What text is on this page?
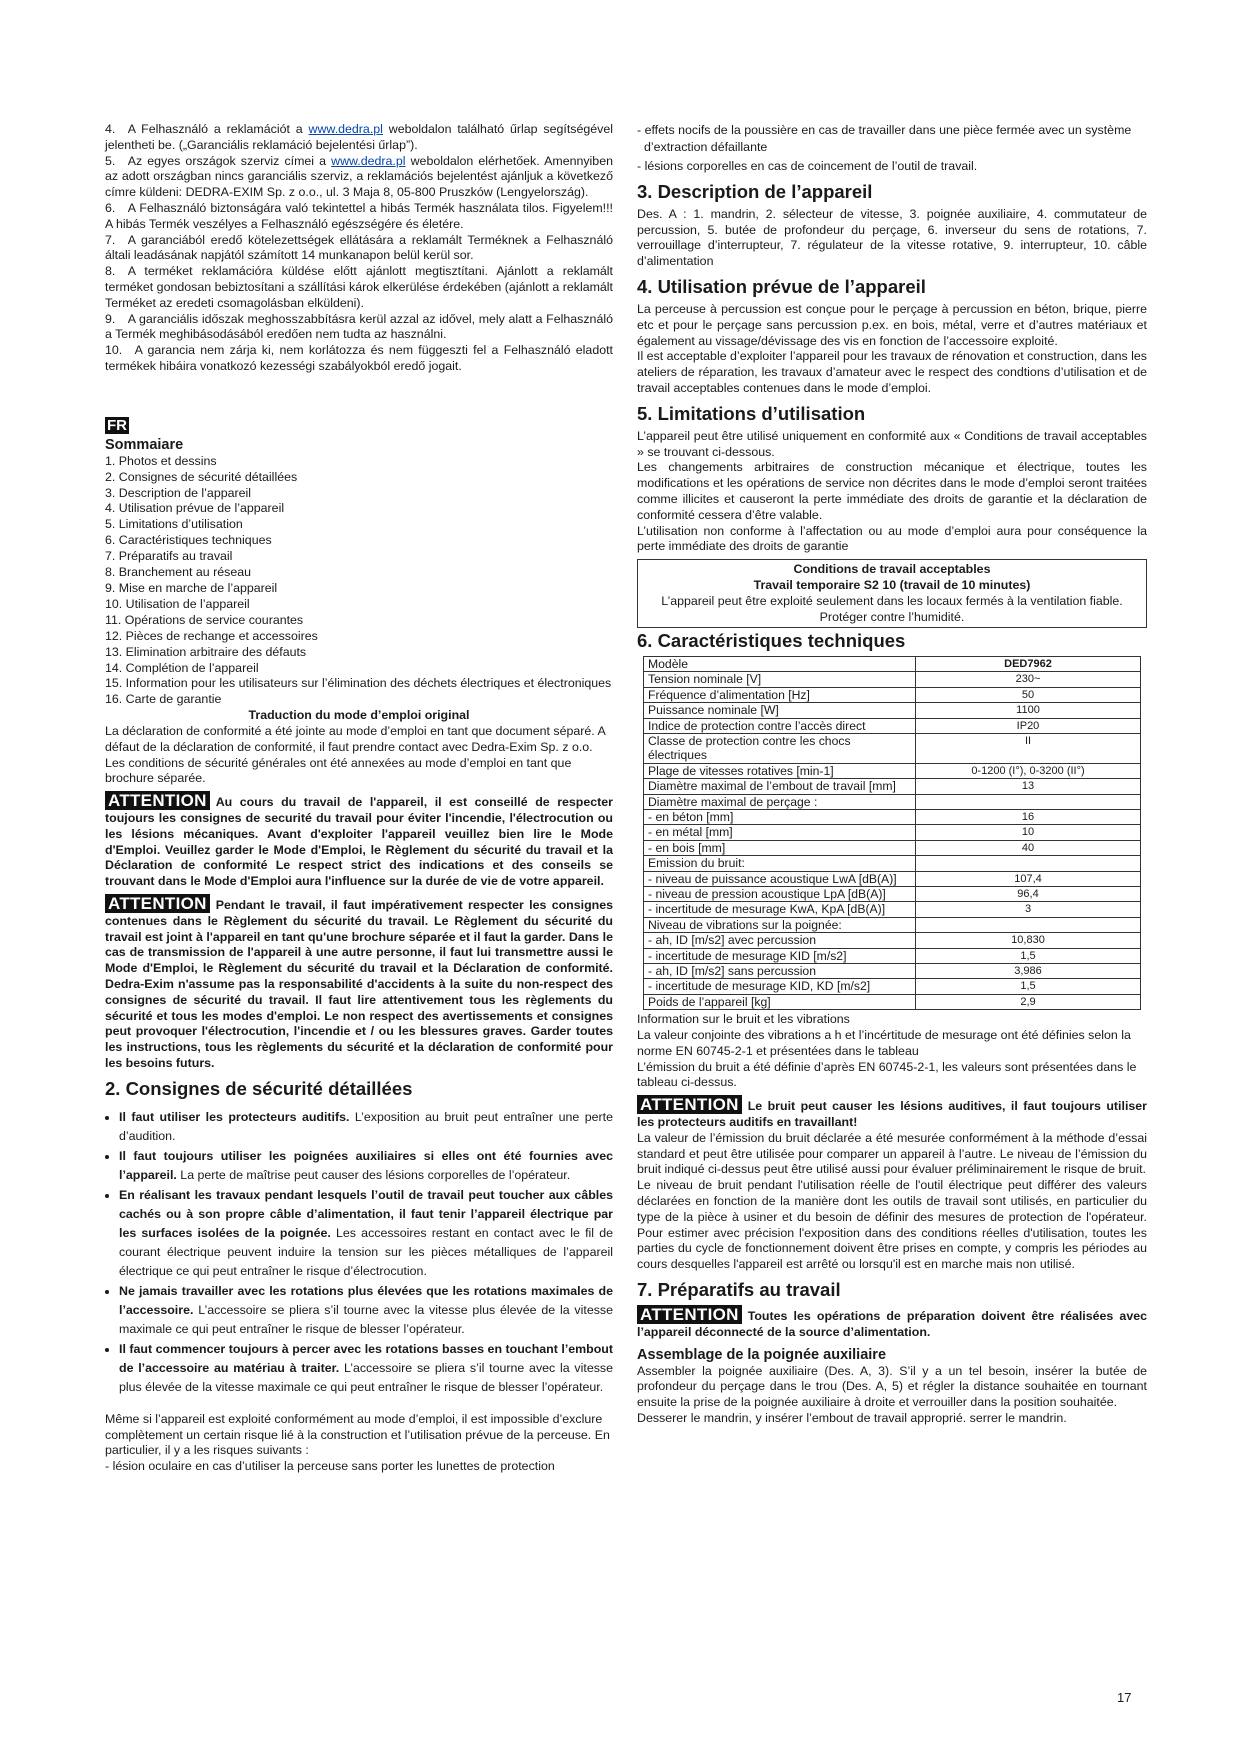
4. A Felhasználó a reklamációt a www.dedra.pl weboldalon található űrlap segítségével jelentheti be. („Garanciális reklamáció bejelentési űrlap”).

5. Az egyes országok szerviz címei a www.dedra.pl weboldalon elérhetőek. Amennyiben az adott országban nincs garanciális szerviz, a reklamációs bejelentést ajánljuk a következő címre küldeni: DEDRA-EXIM Sp. z o.o., ul. 3 Maja 8, 05-800 Pruszków (Lengyelország).

6. A Felhasználó biztonságára való tekintettel a hibás Termék használata tilos. Figyelem!!! A hibás Termék veszélyes a Felhasználó egészségére és életére.

7. A garanciából eredő kötelezettségek ellátására a reklamált Terméknek a Felhasználó általi leadásának napjától számított 14 munkanapon belül kerül sor.

8. A terméket reklamációra küldése előtt ajánlott megtisztítani. Ajánlott a reklamált terméket gondosan bebiztosítani a szállítási károk elkerülése érdekében (ajánlott a reklamált Terméket az eredeti csomagolásban elküldeni).

9. A garanciális időszak meghosszabbításra kerül azzal az idővel, mely alatt a Felhasználó a Termék meghibásodásából eredően nem tudta az használni.

10. A garancia nem zárja ki, nem korlátozza és nem függeszti fel a Felhasználó eladott termékek hibáira vonatkozó kezességi szabályokból eredő jogait.

FR
Sommaiare
1. Photos et dessins
2. Consignes de sécurité détaillées
3. Description de l’appareil
4. Utilisation prévue de l’appareil
5. Limitations d’utilisation
6. Caractéristiques techniques
7. Préparatifs au travail
8. Branchement au réseau
9. Mise en marche de l’appareil
10. Utilisation de l’appareil
11. Opérations de service courantes
12. Pièces de rechange et accessoires
13. Elimination arbitraire des défauts
14. Complétion de l’appareil
15. Information pour les utilisateurs sur l’élimination des déchets électriques et électroniques
16. Carte de garantie
Traduction du mode d’emploi original

La déclaration de conformité a été jointe au mode d’emploi en tant que document séparé. A défaut de la déclaration de conformité, il faut prendre contact avec Dedra-Exim Sp. z o.o.

Les conditions de sécurité générales ont été annexées au mode d’emploi en tant que brochure séparée.

ATTENTION Au cours du travail de l'appareil, il est conseillé de respecter toujours les consignes de securité du travail pour éviter l'incendie, l'électrocution ou les lésions mécaniques. Avant d'exploiter l'appareil veuillez bien lire le Mode d'Emploi. Veuillez garder le Mode d'Emploi, le Règlement du sécurité du travail et la Déclaration de conformité Le respect strict des indications et des conseils se trouvant dans le Mode d'Emploi aura l'influence sur la durée de vie de votre appareil.

ATTENTION Pendant le travail, il faut impérativement respecter les consignes contenues dans le Règlement du sécurité du travail. Le Règlement du sécurité du travail est joint à l'appareil en tant qu'une brochure séparée et il faut la garder. Dans le cas de transmission de l'appareil à une autre personne, il faut lui transmettre aussi le Mode d'Emploi, le Règlement du sécurité du travail et la Déclaration de conformité. Dedra-Exim n'assume pas la responsabilité d'accidents à la suite du non-respect des consignes de sécurité du travail. Il faut lire attentivement tous les règlements du sécurité et tous les modes d'emploi. Le non respect des avertissements et consignes peut provoquer l'électrocution, l'incendie et / ou les blessures graves. Garder toutes les instructions, tous les règlements du sécurité et la déclaration de conformité pour les besoins futurs.

2. Consignes de sécurité détaillées
• Il faut utiliser les protecteurs auditifs. L’exposition au bruit peut entraîner une perte d’audition.
• Il faut toujours utiliser les poignées auxiliaires si elles ont été fournies avec l’appareil. La perte de maîtrise peut causer des lésions corporelles de l’opérateur.
• En réalisant les travaux pendant lesquels l’outil de travail peut toucher aux câbles cachés ou à son propre câble d’alimentation, il faut tenir l’appareil électrique par les surfaces isolées de la poignée. Les accessoires restant en contact avec le fil de courant électrique peuvent induire la tension sur les pièces métalliques de l’appareil électrique ce qui peut entraîner le risque d’électrocution.
• Ne jamais travailler avec les rotations plus élevées que les rotations maximales de l’accessoire. L’accessoire se pliera s’il tourne avec la vitesse plus élevée de la vitesse maximale ce qui peut entraîner le risque de blesser l’opérateur.
• Il faut commencer toujours à percer avec les rotations basses en touchant l’embout de l’accessoire au matériau à traiter. L’accessoire se pliera s’il tourne avec la vitesse plus élevée de la vitesse maximale ce qui peut entraîner le risque de blesser l’opérateur.

Même si l’appareil est exploité conformément au mode d’emploi, il est impossible d’exclure complètement un certain risque lié à la construction et l’utilisation prévue de la perceuse. En particulier, il y a les risques suivants :

- lésion oculaire en cas d’utiliser la perceuse sans porter les lunettes de protection

- effets nocifs de la poussière en cas de travailler dans une pièce fermée avec un système d’extraction défaillante

- lésions corporelles en cas de coincement de l’outil de travail.

3. Description de l’appareil

Des. A : 1. mandrin, 2. sélecteur de vitesse, 3. poignée auxiliaire, 4. commutateur de percussion, 5. butée de profondeur du perçage, 6. inverseur du sens de rotations, 7. verrouillage d’interrupteur, 7. régulateur de la vitesse rotative, 9. interrupteur, 10. câble d’alimentation

4. Utilisation prévue de l’appareil

La perceuse à percussion est conçue pour le perçage à percussion en béton, brique, pierre etc et pour le perçage sans percussion p.ex. en bois, métal, verre et d’autres matériaux et également au vissage/dévissage des vis en fonction de l’accessoire exploité.

Il est acceptable d’exploiter l’appareil pour les travaux de rénovation et construction, dans les ateliers de réparation, les travaux d’amateur avec le respect des condtions d’utilisation et de travail acceptables contenues dans le mode d’emploi.

5. Limitations d’utilisation

L’appareil peut être utilisé uniquement en conformité aux « Conditions de travail acceptables » se trouvant ci-dessous.

Les changements arbitraires de construction mécanique et électrique, toutes les modifications et les opérations de service non décrites dans le mode d’emploi seront traitées comme illicites et causeront la perte immédiate des droits de garantie et la déclaration de conformité cessera d’être valable.

L’utilisation non conforme à l’affectation ou au mode d’emploi aura pour conséquence la perte immédiate des droits de garantie

Conditions de travail acceptables

Travail temporaire S2 10 (travail de 10 minutes)

L’appareil peut être exploité seulement dans les locaux fermés à la ventilation fiable.

Protéger contre l’humidité.

6. Caractéristiques techniques
Modèle	DED7962
Tension nominale [V]	230~
Fréquence d’alimentation [Hz]	50
Puissance nominale [W]	1100
Indice de protection contre l’accès direct	IP20
Classe de protection contre les chocs électriques	II
Plage de vitesses rotatives [min-1]	0-1200 (I°), 0-3200 (II°)
Diamètre maximal de l’embout de travail [mm]	13
Diamètre maximal de perçage :	
- en béton [mm]	16
- en métal [mm]	10
- en bois [mm]	40
Emission du bruit:	
- niveau de puissance acoustique LwA [dB(A)]	107,4
- niveau de pression acoustique LpA [dB(A)]	96,4
- incertitude de mesurage KwA, KpA [dB(A)]	3
Niveau de vibrations sur la poignée:	
- ah, ID [m/s2] avec percussion	10,830
- incertitude de mesurage KID [m/s2]	1,5
- ah, ID [m/s2] sans percussion	3,986
- incertitude de mesurage KID, KD [m/s2]	1,5
Poids de l’appareil [kg]	2,9

Information sur le bruit et les vibrations

La valeur conjointe des vibrations a h et l’incértitude de mesurage ont été définies selon la norme EN 60745-2-1 et présentées dans le tableau

L’émission du bruit a été définie d’après EN 60745-2-1, les valeurs sont présentées dans le tableau ci-dessus.

ATTENTION Le bruit peut causer les lésions auditives, il faut toujours utiliser les protecteurs auditifs en travaillant!

La valeur de l’émission du bruit déclarée a été mesurée conformément à la méthode d’essai standard et peut être utilisée pour comparer un appareil à l’autre. Le niveau de l’émission du bruit indiqué ci-dessus peut être utilisé aussi pour évaluer préliminairement le risque de bruit.

Le niveau de bruit pendant l'utilisation réelle de l'outil électrique peut différer des valeurs déclarées en fonction de la manière dont les outils de travail sont utilisés, en particulier du type de la pièce à usiner et du besoin de définir des mesures de protection de l'opérateur. Pour estimer avec précision l'exposition dans des conditions réelles d'utilisation, toutes les parties du cycle de fonctionnement doivent être prises en compte, y compris les périodes au cours desquelles l'appareil est arrêté ou lorsqu'il est en marche mais non utilisé.

7. Préparatifs au travail

ATTENTION Toutes les opérations de préparation doivent être réalisées avec l’appareil déconnecté de la source d’alimentation.

Assemblage de la poignée auxiliaire

Assembler la poignée auxiliaire (Des. A, 3). S’il y a un tel besoin, insérer la butée de profondeur du perçage dans le trou (Des. A, 5) et régler la distance souhaitée en tournant ensuite la prise de la poignée auxiliaire à droite et verrouiller dans la position souhaitée.

Desserer le mandrin, y insérer l’embout de travail approprié. serrer le mandrin.

17
